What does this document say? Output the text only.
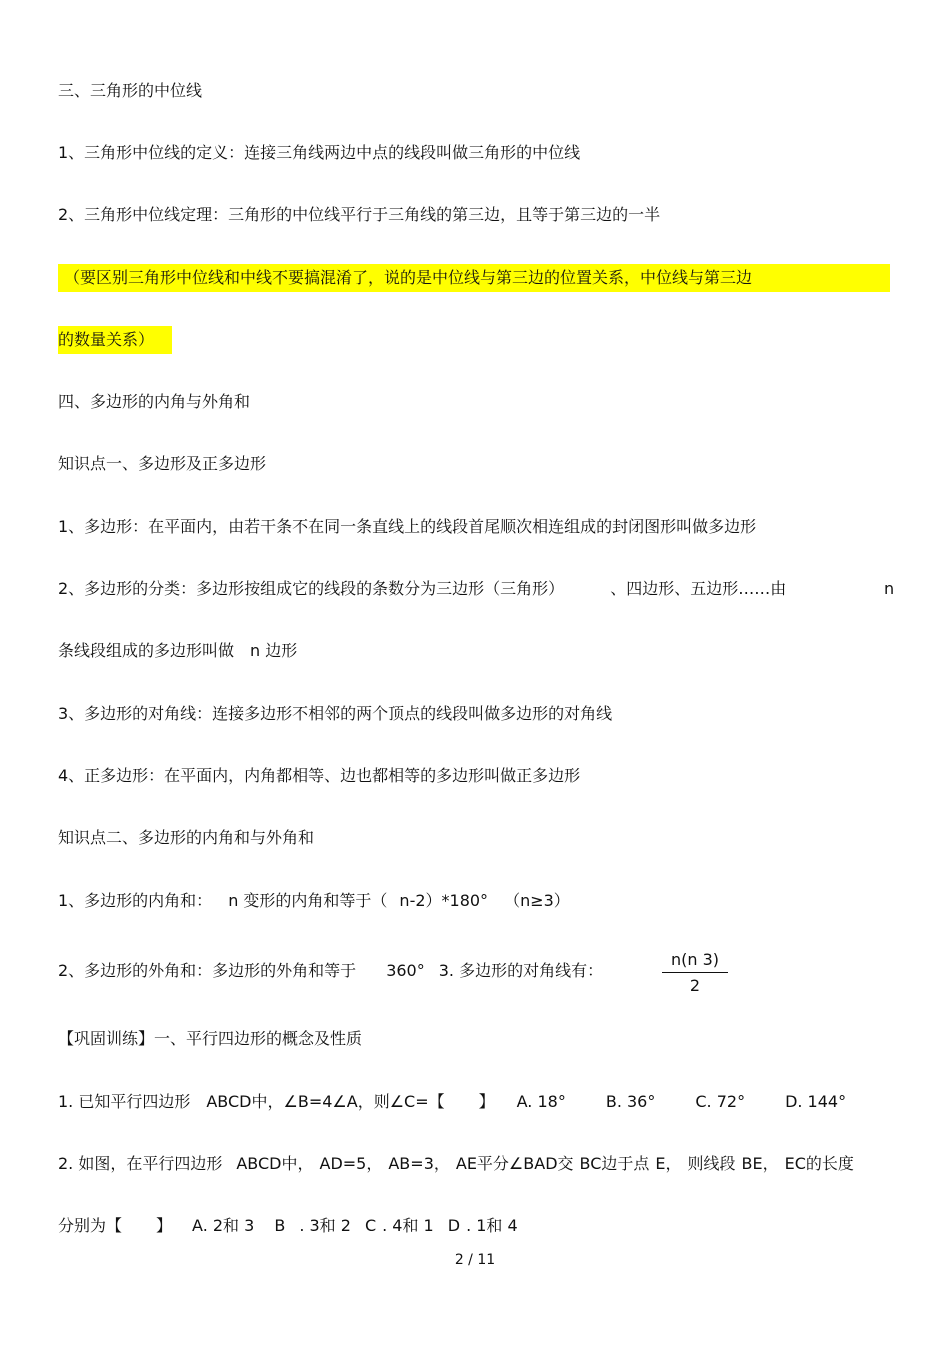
三、三角形的中位线
1、三角形中位线的定义：连接三角线两边中点的线段叫做三角形的中位线
2、三角形中位线定理：三角形的中位线平行于三角线的第三边，且等于第三边的一半
（要区别三角形中位线和中线不要搞混淆了，说的是中位线与第三边的位置关系，中位线与第三边
的数量关系）
四、多边形的内角与外角和
知识点一、多边形及正多边形
1、多边形：在平面内，由若干条不在同一条直线上的线段首尾顺次相连组成的封闭图形叫做多边形
2、多边形的分类：多边形按组成它的线段的条数分为三边形（三角形）	、四边形、五边形……由	n
条线段组成的多边形叫做 n 边形
3、多边形的对角线：连接多边形不相邻的两个顶点的线段叫做多边形的对角线
4、正多边形：在平面内，内角都相等、边也都相等的多边形叫做正多边形
知识点二、多边形的内角和与外角和
1、多边形的内角和： n 变形的内角和等于（ n-2）*180° （n≥3）
2、多边形的外角和：多边形的外角和等于 360° 3. 多边形的对角线有：
n(n 3)
2
【巩固训练】一、平行四边形的概念及性质
1. 已知平行四边形 ABCD中，∠B=4∠A，则∠C=【 】 A. 18°	B. 36°	C. 72°	D. 144°
2. 如图，在平行四边形 ABCD中， AD=5， AB=3， AE平分∠BAD交 BC边于点 E， 则线段 BE， EC的长度
分别为【 】 A. 2和 3 B . 3和 2 C . 4和 1 D . 1和 4
2 / 11
